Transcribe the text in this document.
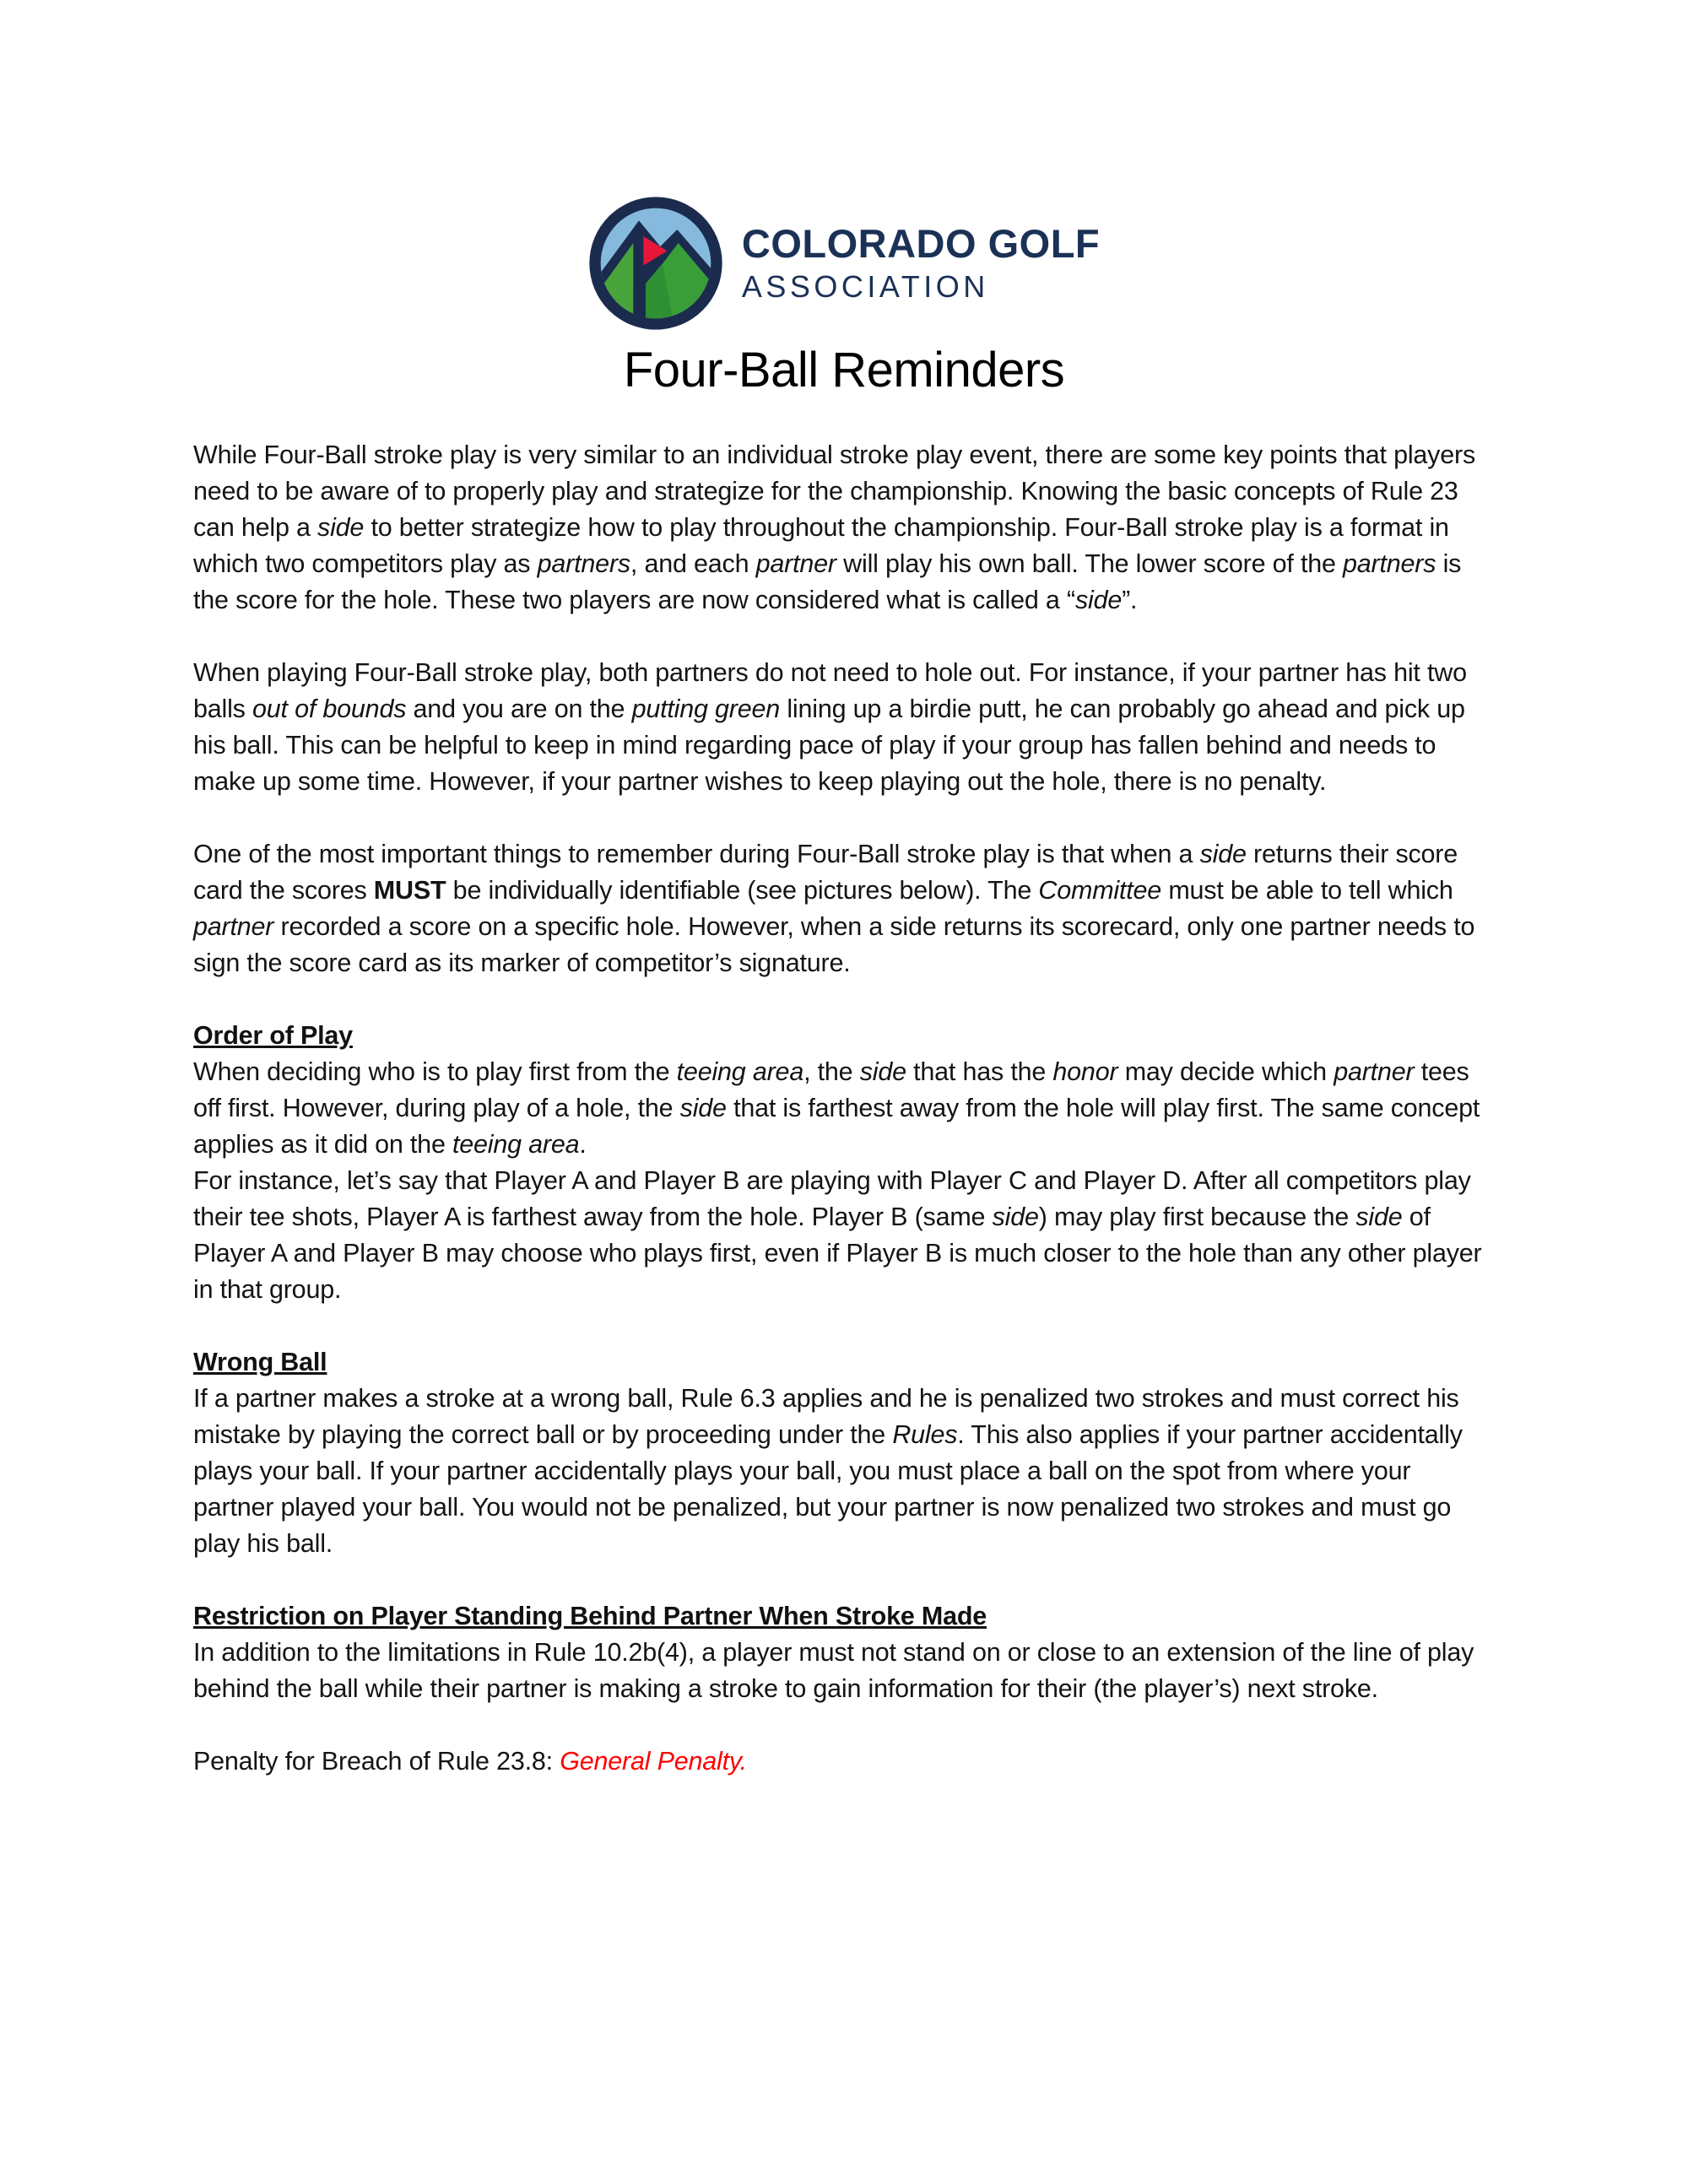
COLORADO GOLF
ASSOCIATION
Four-Ball Reminders

While Four-Ball stroke play is very similar to an individual stroke play event, there are some key points that players need to be aware of to properly play and strategize for the championship. Knowing the basic concepts of Rule 23 can help a side to better strategize how to play throughout the championship. Four-Ball stroke play is a format in which two competitors play as partners, and each partner will play his own ball. The lower score of the partners is the score for the hole. These two players are now considered what is called a “side”.

When playing Four-Ball stroke play, both partners do not need to hole out. For instance, if your partner has hit two balls out of bounds and you are on the putting green lining up a birdie putt, he can probably go ahead and pick up his ball. This can be helpful to keep in mind regarding pace of play if your group has fallen behind and needs to make up some time. However, if your partner wishes to keep playing out the hole, there is no penalty.

One of the most important things to remember during Four-Ball stroke play is that when a side returns their score card the scores MUST be individually identifiable (see pictures below). The Committee must be able to tell which partner recorded a score on a specific hole. However, when a side returns its scorecard, only one partner needs to sign the score card as its marker of competitor’s signature.

Order of Play

When deciding who is to play first from the teeing area, the side that has the honor may decide which partner tees off first. However, during play of a hole, the side that is farthest away from the hole will play first. The same concept applies as it did on the teeing area.

For instance, let’s say that Player A and Player B are playing with Player C and Player D. After all competitors play their tee shots, Player A is farthest away from the hole. Player B (same side) may play first because the side of Player A and Player B may choose who plays first, even if Player B is much closer to the hole than any other player in that group.

Wrong Ball

If a partner makes a stroke at a wrong ball, Rule 6.3 applies and he is penalized two strokes and must correct his mistake by playing the correct ball or by proceeding under the Rules. This also applies if your partner accidentally plays your ball. If your partner accidentally plays your ball, you must place a ball on the spot from where your partner played your ball. You would not be penalized, but your partner is now penalized two strokes and must go play his ball.

Restriction on Player Standing Behind Partner When Stroke Made

In addition to the limitations in Rule 10.2b(4), a player must not stand on or close to an extension of the line of play behind the ball while their partner is making a stroke to gain information for their (the player’s) next stroke.

Penalty for Breach of Rule 23.8: General Penalty.
